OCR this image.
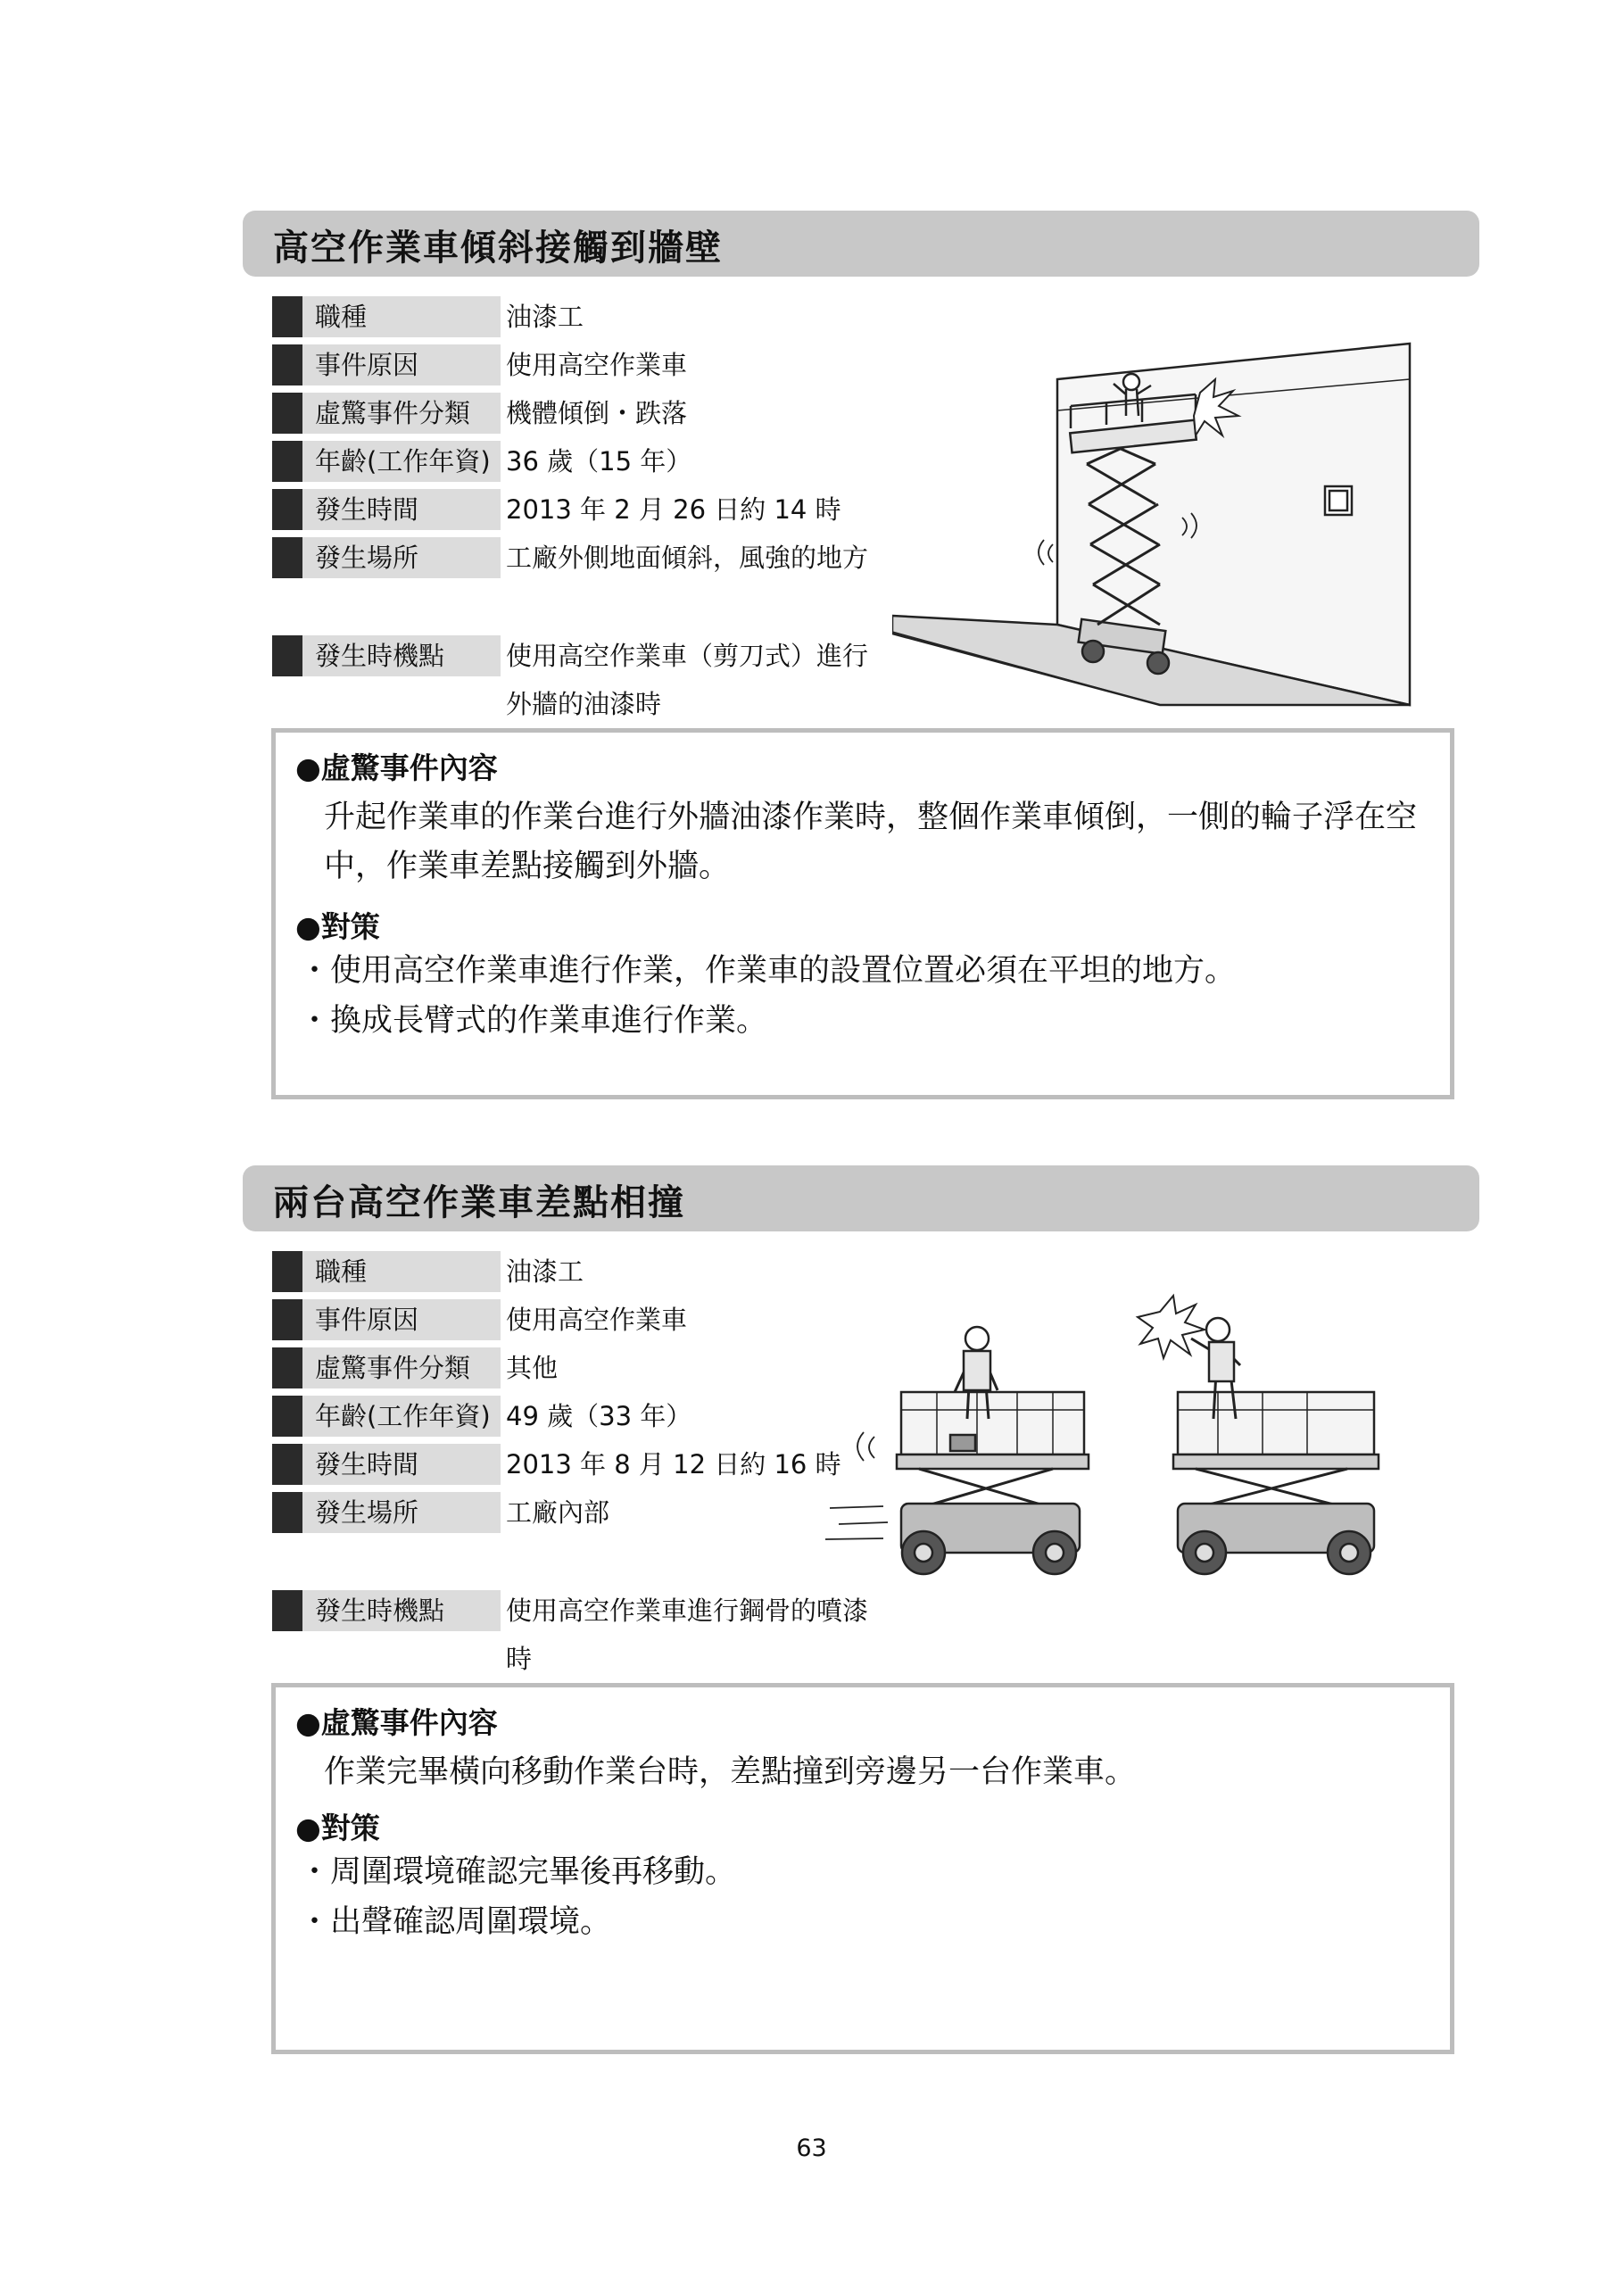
高空作業車傾斜接觸到牆壁
職種	油漆工
事件原因	使用高空作業車
虛驚事件分類	機體傾倒・跌落
年齡(工作年資) 36 歲（15 年）
發生時間	2013 年 2 月 26 日約 14 時
發生場所	工廠外側地面傾斜，風強的地方
發生時機點	使用高空作業車（剪刀式）進行外牆的油漆時
●虛驚事件內容
升起作業車的作業台進行外牆油漆作業時，整個作業車傾倒，一側的輪子浮在空中，作業車差點接觸到外牆。
●對策
・使用高空作業車進行作業，作業車的設置位置必須在平坦的地方。
・換成長臂式的作業車進行作業。
兩台高空作業車差點相撞
職種	油漆工
事件原因	使用高空作業車
虛驚事件分類	其他
年齡(工作年資) 49 歲（33 年）
發生時間	2013 年 8 月 12 日約 16 時
發生場所	工廠內部
發生時機點	使用高空作業車進行鋼骨的噴漆時
●虛驚事件內容
作業完畢橫向移動作業台時，差點撞到旁邊另一台作業車。
●對策
・周圍環境確認完畢後再移動。
・出聲確認周圍環境。
63
